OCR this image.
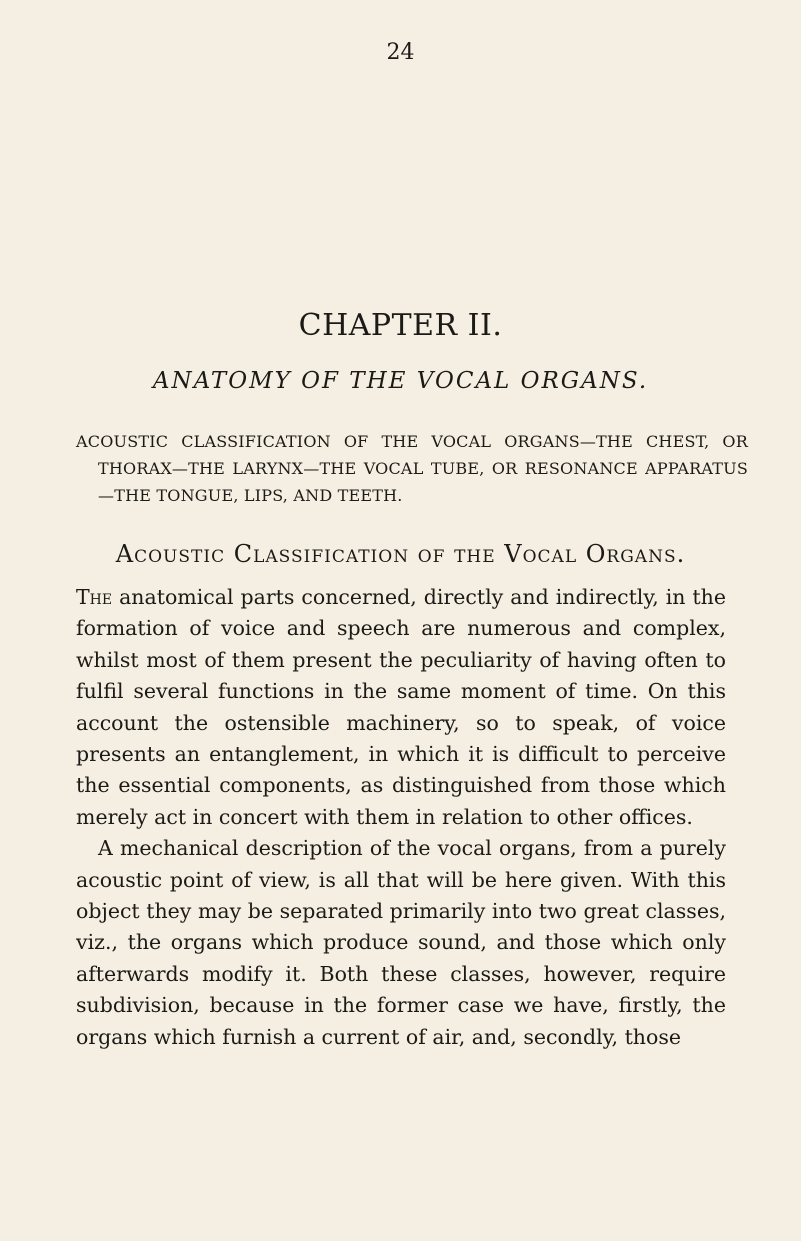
24
CHAPTER II.
ANATOMY OF THE VOCAL ORGANS.
ACOUSTIC CLASSIFICATION OF THE VOCAL ORGANS—THE CHEST, OR THORAX—THE LARYNX—THE VOCAL TUBE, OR RESONANCE APPARATUS—THE TONGUE, LIPS, AND TEETH.
Acoustic Classification of the Vocal Organs.

The anatomical parts concerned, directly and indirectly, in the formation of voice and speech are numerous and complex, whilst most of them present the peculiarity of having often to fulfil several functions in the same moment of time. On this account the ostensible machinery, so to speak, of voice presents an entanglement, in which it is difficult to perceive the essential components, as distinguished from those which merely act in concert with them in relation to other offices.

A mechanical description of the vocal organs, from a purely acoustic point of view, is all that will be here given. With this object they may be separated primarily into two great classes, viz., the organs which produce sound, and those which only afterwards modify it. Both these classes, however, require subdivision, because in the former case we have, firstly, the organs which furnish a current of air, and, secondly, those
